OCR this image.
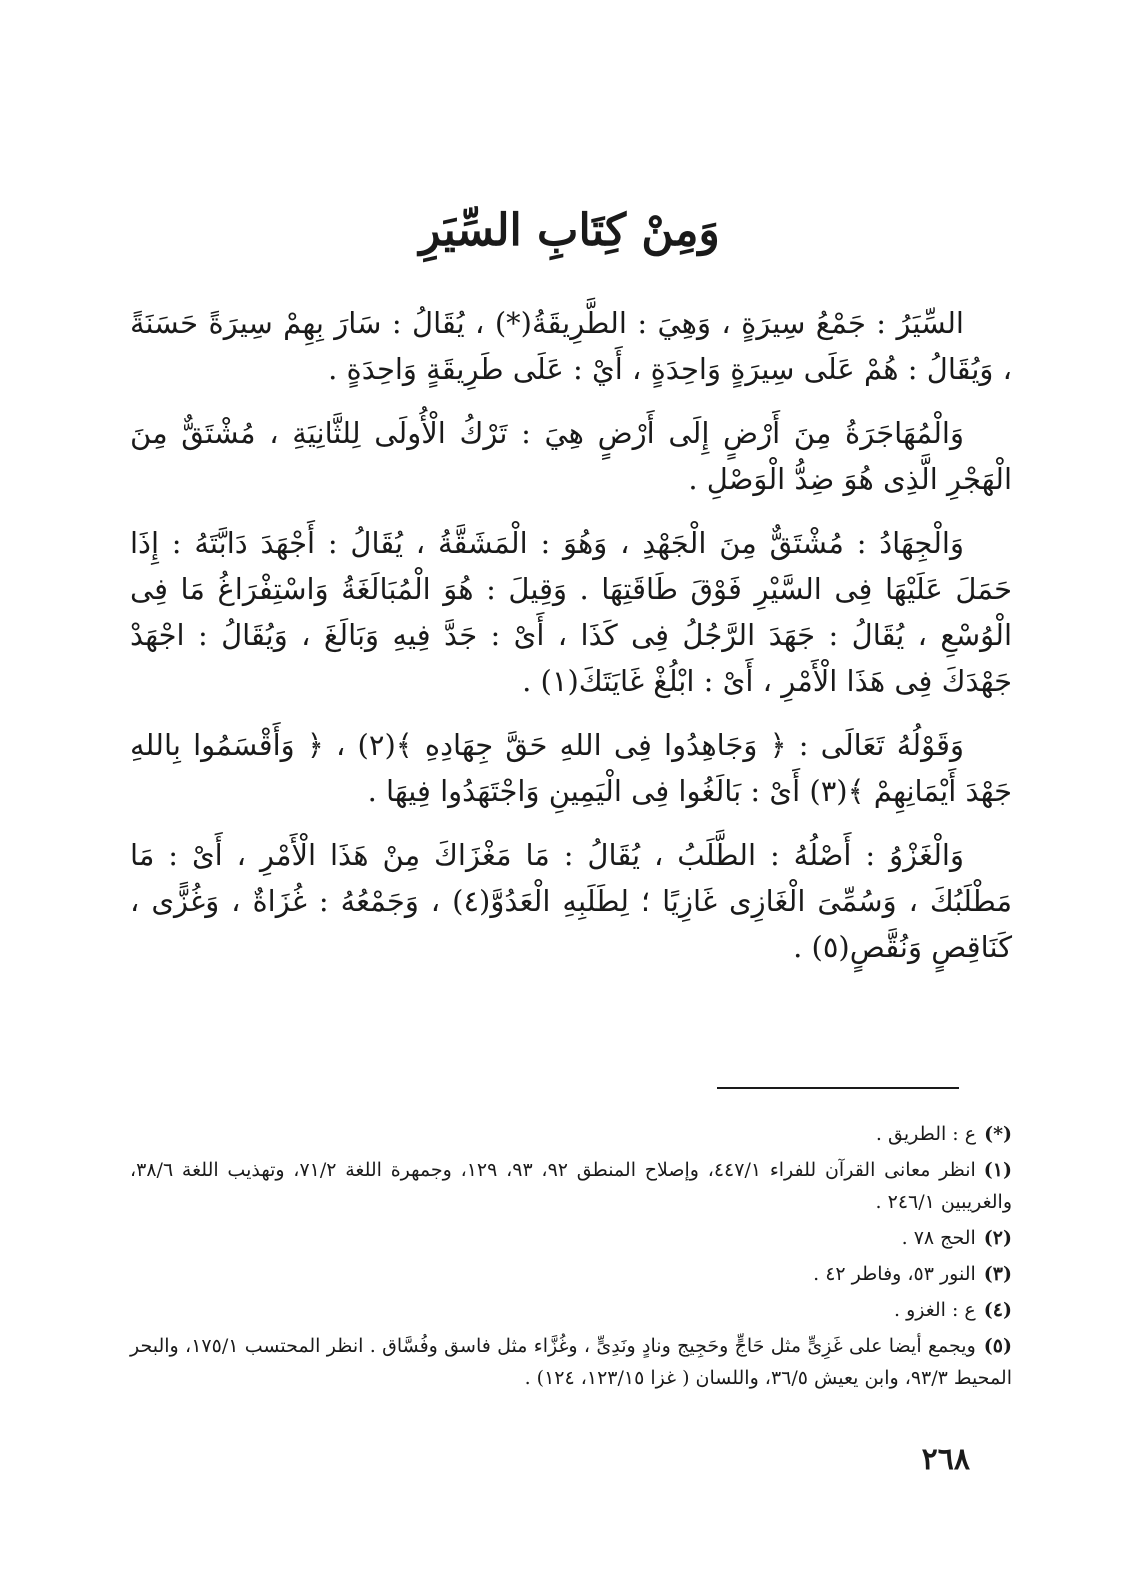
وَمِنْ كِتَابِ السِّيَرِ

السِّيَرُ : جَمْعُ سِيرَةٍ ، وَهِيَ : الطَّرِيقَةُ(*) ، يُقَالُ : سَارَ بِهِمْ سِيرَةً حَسَنَةً ، وَيُقَالُ : هُمْ عَلَى سِيرَةٍ وَاحِدَةٍ ، أَيْ : عَلَى طَرِيقَةٍ وَاحِدَةٍ .

وَالْمُهَاجَرَةُ مِنَ أَرْضٍ إِلَى أَرْضٍ هِيَ : تَرْكُ الْأُولَى لِلثَّانِيَةِ ، مُشْتَقٌّ مِنَ الْهَجْرِ الَّذِى هُوَ ضِدُّ الْوَصْلِ .

وَالْجِهَادُ : مُشْتَقٌّ مِنَ الْجَهْدِ ، وَهُوَ : الْمَشَقَّةُ ، يُقَالُ : أَجْهَدَ دَابَّتَهُ : إِذَا حَمَلَ عَلَيْهَا فِى السَّيْرِ فَوْقَ طَاقَتِهَا . وَقِيلَ : هُوَ الْمُبَالَغَةُ وَاسْتِفْرَاغُ مَا فِى الْوُسْعِ ، يُقَالُ : جَهَدَ الرَّجُلُ فِى كَذَا ، أَىْ : جَدَّ فِيهِ وَبَالَغَ ، وَيُقَالُ : اجْهَدْ جَهْدَكَ فِى هَذَا الْأَمْرِ ، أَىْ : ابْلُغْ غَايَتَكَ(١) .

وَقَوْلُهُ تَعَالَى : ﴿ وَجَاهِدُوا فِى اللهِ حَقَّ جِهَادِهِ ﴾(٢) ، ﴿ وَأَقْسَمُوا بِاللهِ جَهْدَ أَيْمَانِهِمْ ﴾(٣) أَىْ : بَالَغُوا فِى الْيَمِينِ وَاجْتَهَدُوا فِيهَا .

وَالْغَزْوُ : أَصْلُهُ : الطَّلَبُ ، يُقَالُ : مَا مَغْزَاكَ مِنْ هَذَا الْأَمْرِ ، أَىْ : مَا مَطْلَبُكَ ، وَسُمِّىَ الْغَازِى غَازِيًا ؛ لِطَلَبِهِ الْعَدُوَّ(٤) ، وَجَمْعُهُ : غُزَاةٌ ، وَغُزًّى ، كَنَاقِصٍ وَنُقَّصٍ(٥) .

(*)ع : الطريق .
(١)انظر معانى القرآن للفراء ٤٤٧/١، وإصلاح المنطق ٩٢، ٩٣، ١٢٩، وجمهرة اللغة ٧١/٢، وتهذيب اللغة ٣٨/٦، والغريبين ٢٤٦/١ .
(٢)الحج ٧٨ .
(٣)النور ٥٣، وفاطر ٤٢ .
(٤)ع : الغزو .
(٥)ويجمع أيضا على غَزِىٍّ مثل حَاجٍّ وحَجِيج ونادٍ ونَدِىٍّ ، وغُزَّاء مثل فاسق وفُسَّاق . انظر المحتسب ١٧٥/١، والبحر المحيط ٩٣/٣، وابن يعيش ٣٦/٥، واللسان ( غزا ١٢٣/١٥، ١٢٤) .
٢٦٨
